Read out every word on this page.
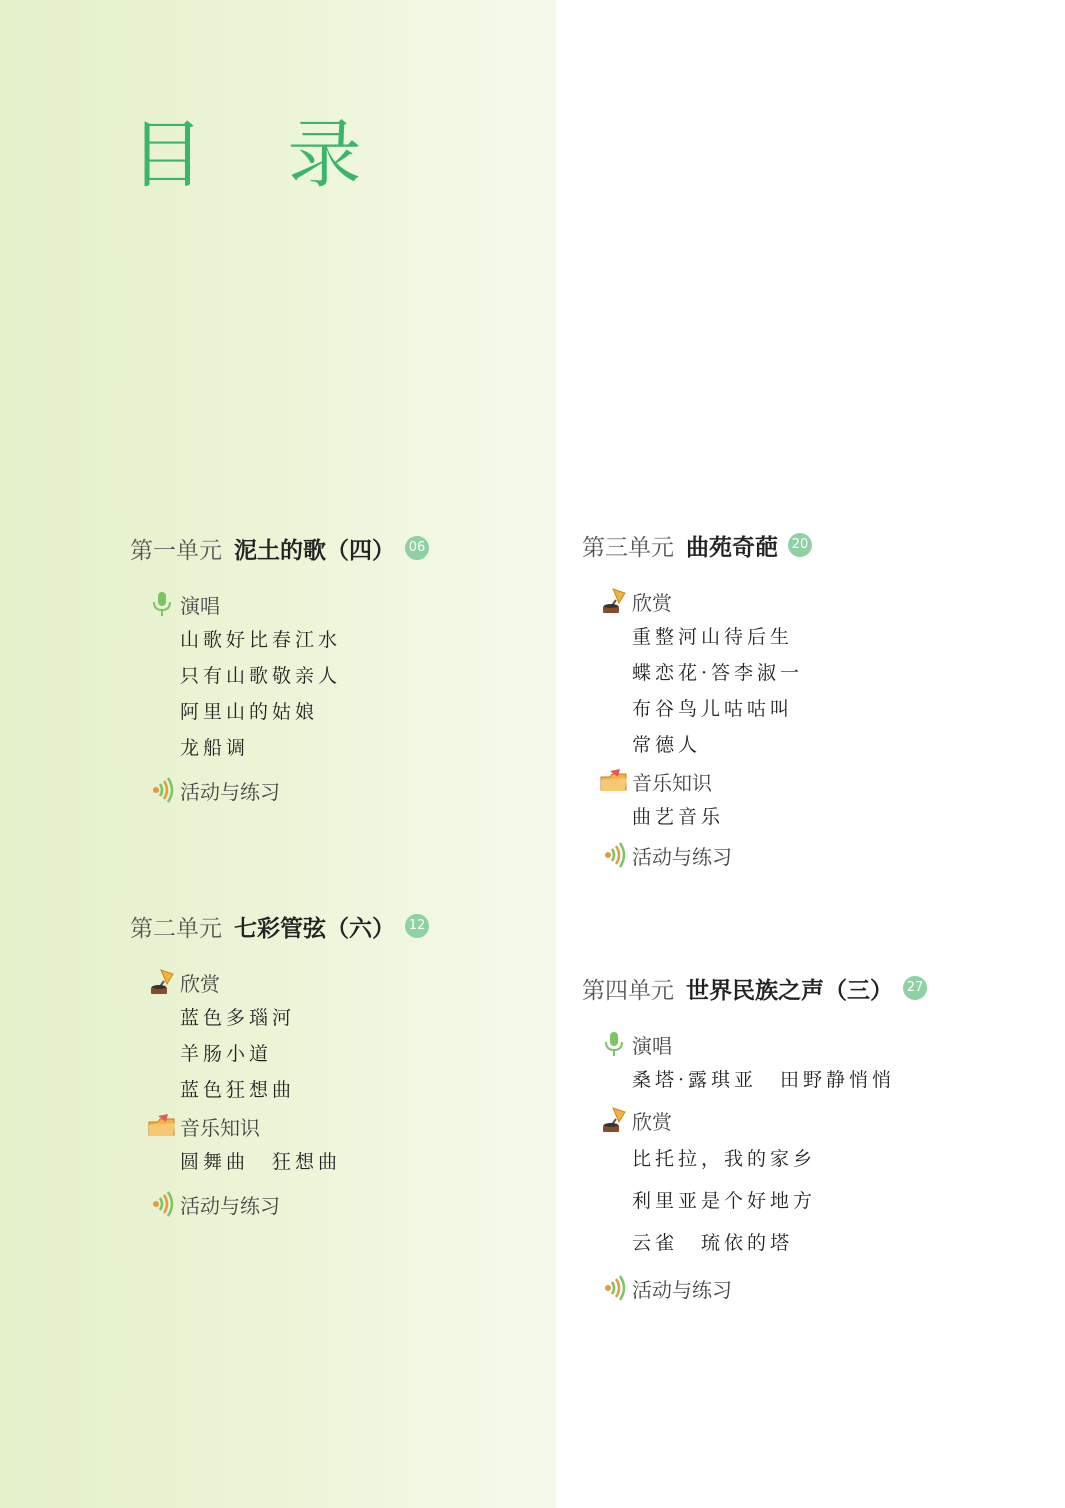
目 录
第一单元 泥土的歌（四） 06
演唱
山歌好比春江水
只有山歌敬亲人
阿里山的姑娘
龙船调
活动与练习
第二单元 七彩管弦（六） 12
欣赏
蓝色多瑙河
羊肠小道
蓝色狂想曲
音乐知识
圆舞曲　狂想曲
活动与练习
第三单元 曲苑奇葩 20
欣赏
重整河山待后生
蝶恋花·答李淑一
布谷鸟儿咕咕叫
常德人
音乐知识
曲艺音乐
活动与练习
第四单元 世界民族之声（三） 27
演唱
桑塔·露琪亚　田野静悄悄
欣赏
比托拉，我的家乡
利里亚是个好地方
云雀　琉依的塔
活动与练习
